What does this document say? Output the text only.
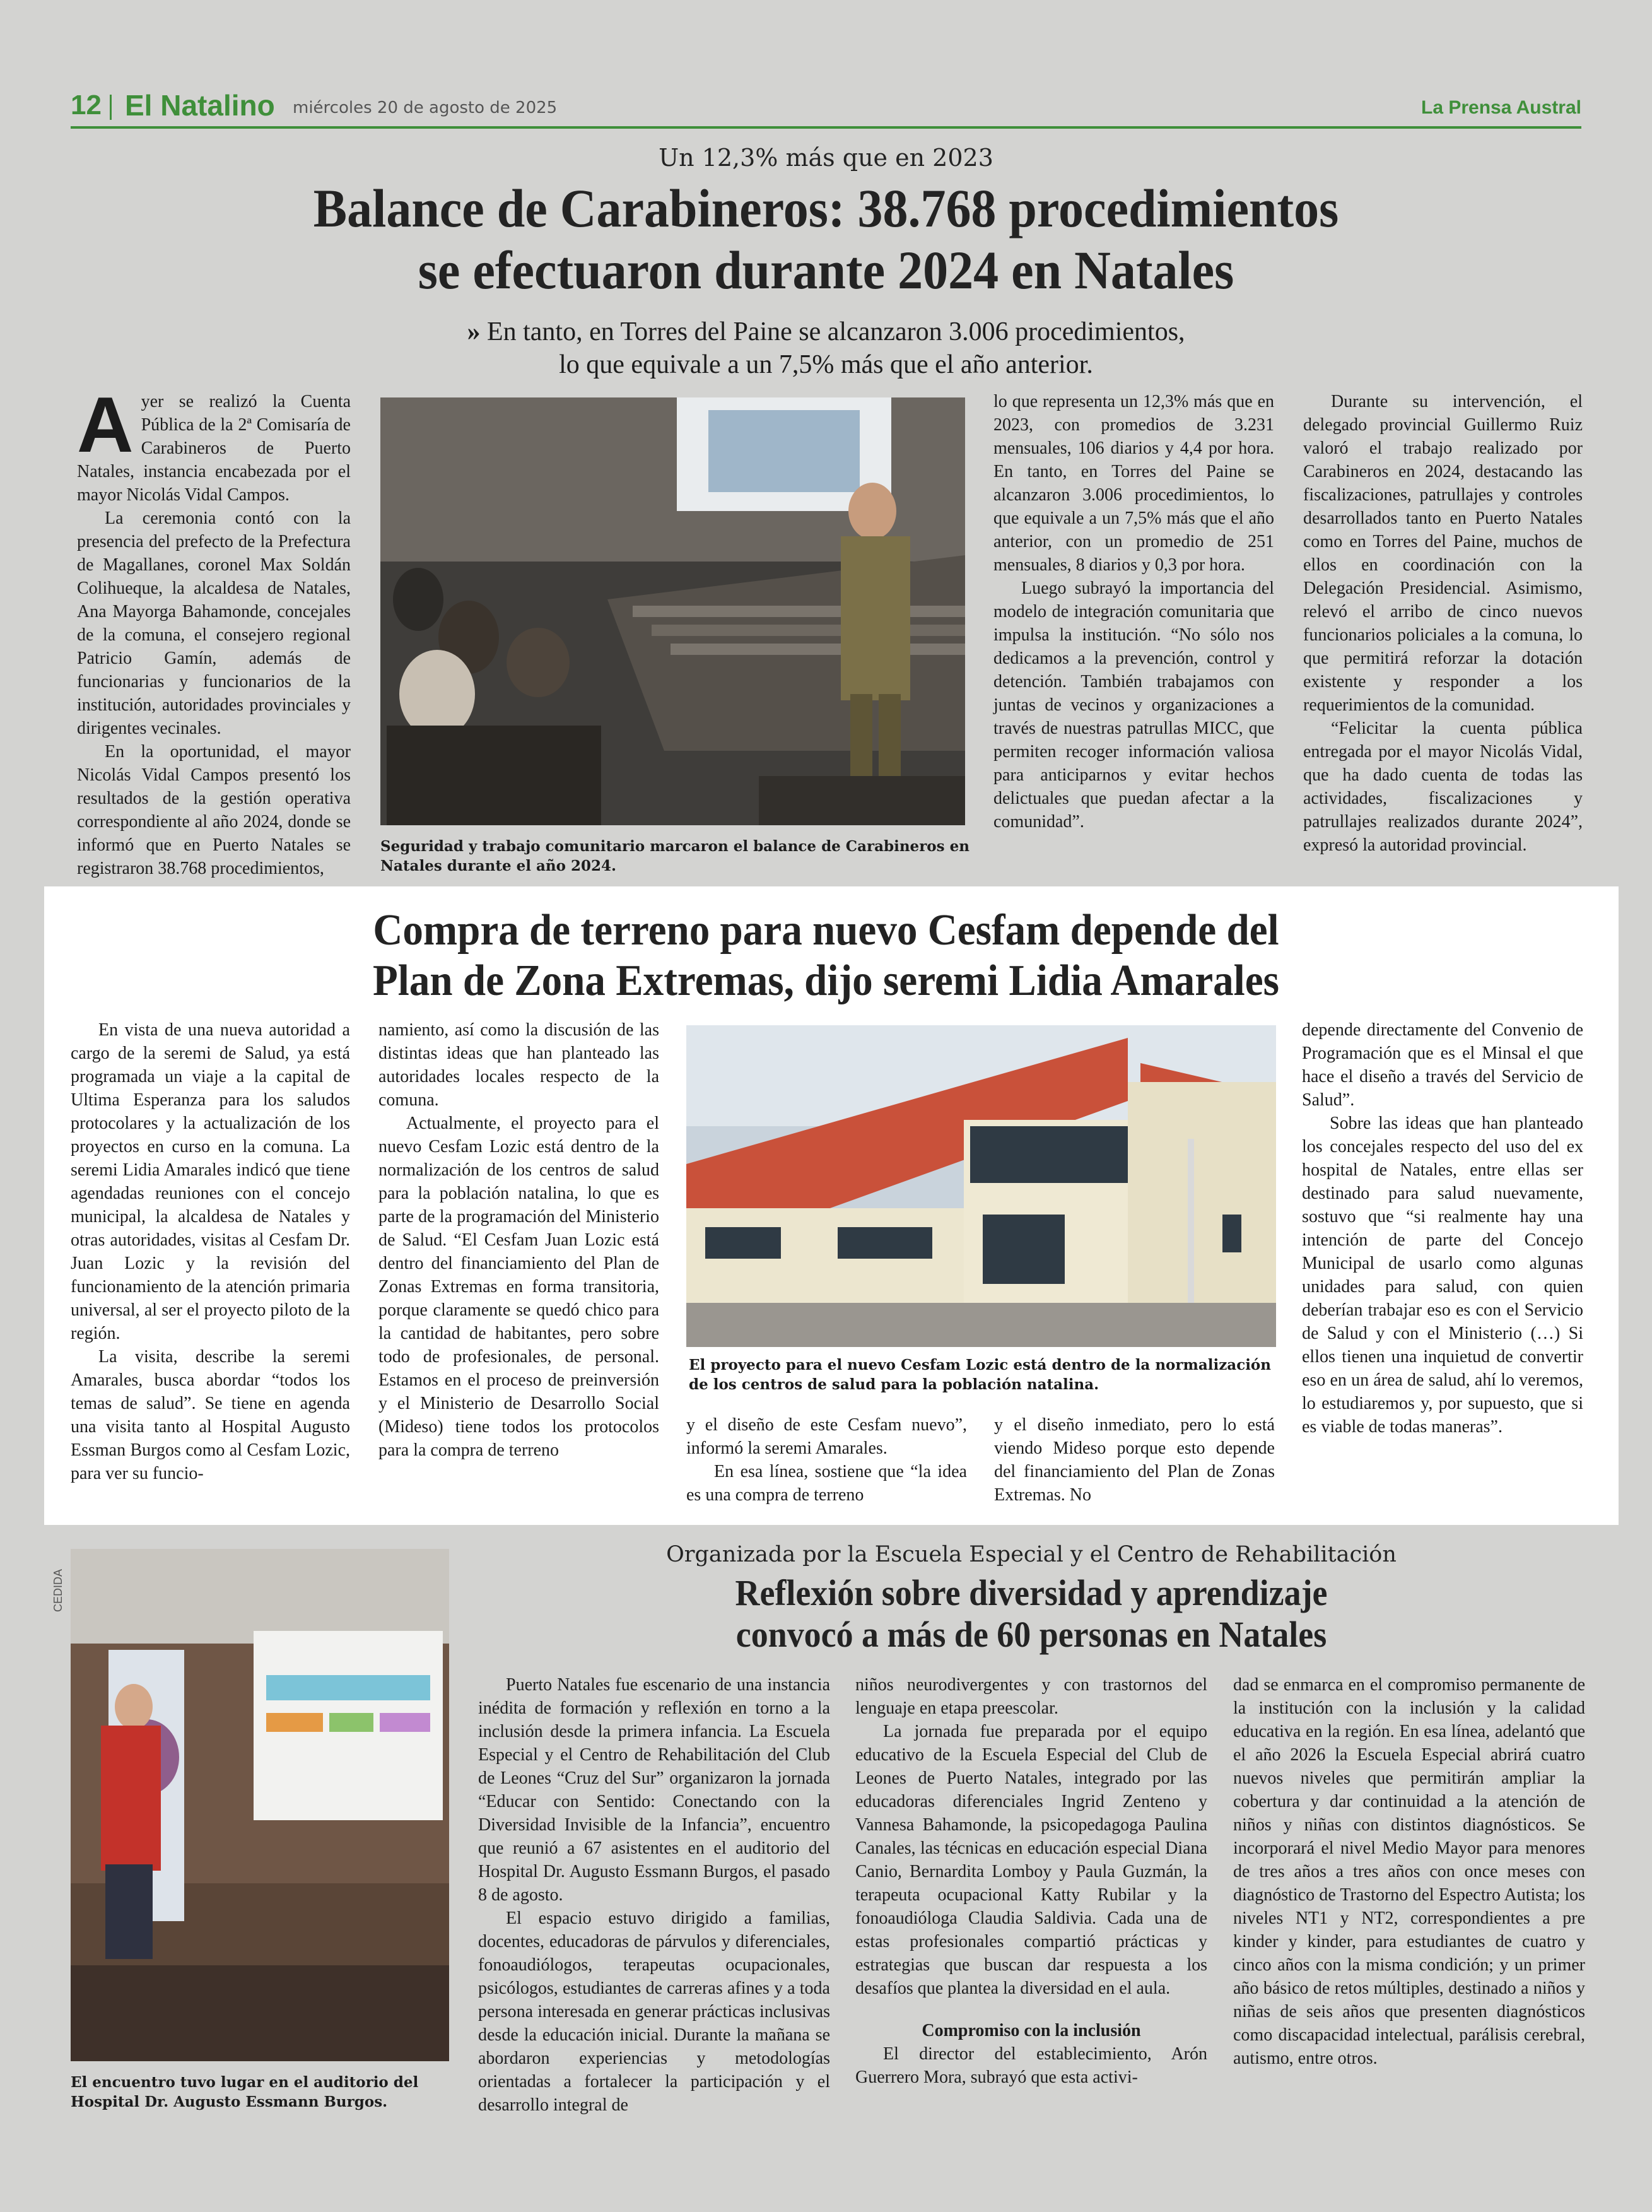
12 El Natalino miércoles 20 de agosto de 2025	La Prensa Austral
Un 12,3% más que en 2023
Balance de Carabineros: 38.768 procedimientos
se efectuaron durante 2024 en Natales
» En tanto, en Torres del Paine se alcanzaron 3.006 procedimientos,
lo que equivale a un 7,5% más que el año anterior.
A yer se realizó la Cuenta Pública de la 2ª Comisaría de Carabineros de Puerto Natales, instancia encabezada por el mayor Nicolás Vidal Campos.

La ceremonia contó con la presencia del prefecto de la Prefectura de Magallanes, coronel Max Soldán Colihueque, la alcaldesa de Natales, Ana Mayorga Bahamonde, concejales de la comuna, el consejero regional Patricio Gamín, además de funcionarias y funcionarios de la institución, autoridades provinciales y dirigentes vecinales.

En la oportunidad, el mayor Nicolás Vidal Campos presentó los resultados de la gestión operativa correspondiente al año 2024, donde se informó que en Puerto Natales se registraron 38.768 procedimientos,

Seguridad y trabajo comunitario marcaron el balance de Carabineros en Natales durante el año 2024.

lo que representa un 12,3% más que en 2023, con promedios de 3.231 mensuales, 106 diarios y 4,4 por hora. En tanto, en Torres del Paine se alcanzaron 3.006 procedimientos, lo que equivale a un 7,5% más que el año anterior, con un promedio de 251 mensuales, 8 diarios y 0,3 por hora.

Luego subrayó la importancia del modelo de integración comunitaria que impulsa la institución. “No sólo nos dedicamos a la prevención, control y detención. También trabajamos con juntas de vecinos y organizaciones a través de nuestras patrullas MICC, que permiten recoger información valiosa para anticiparnos y evitar hechos delictuales que puedan afectar a la comunidad”.

Durante su intervención, el delegado provincial Guillermo Ruiz valoró el trabajo realizado por Carabineros en 2024, destacando las fiscalizaciones, patrullajes y controles desarrollados tanto en Puerto Natales como en Torres del Paine, muchos de ellos en coordinación con la Delegación Presidencial. Asimismo, relevó el arribo de cinco nuevos funcionarios policiales a la comuna, lo que permitirá reforzar la dotación existente y responder a los requerimientos de la comunidad.

“Felicitar la cuenta pública entregada por el mayor Nicolás Vidal, que ha dado cuenta de todas las actividades, fiscalizaciones y patrullajes realizados durante 2024”, expresó la autoridad provincial.

Compra de terreno para nuevo Cesfam depende del
Plan de Zona Extremas, dijo seremi Lidia Amarales

En vista de una nueva autoridad a cargo de la seremi de Salud, ya está programada un viaje a la capital de Ultima Esperanza para los saludos protocolares y la actualización de los proyectos en curso en la comuna. La seremi Lidia Amarales indicó que tiene agendadas reuniones con el concejo municipal, la alcaldesa de Natales y otras autoridades, visitas al Cesfam Dr. Juan Lozic y la revisión del funcionamiento de la atención primaria universal, al ser el proyecto piloto de la región.

La visita, describe la seremi Amarales, busca abordar “todos los temas de salud”. Se tiene en agenda una visita tanto al Hospital Augusto Essman Burgos como al Cesfam Lozic, para ver su funcio-

namiento, así como la discusión de las distintas ideas que han planteado las autoridades locales respecto de la comuna.

Actualmente, el proyecto para el nuevo Cesfam Lozic está dentro de la normalización de los centros de salud para la población natalina, lo que es parte de la programación del Ministerio de Salud. “El Cesfam Juan Lozic está dentro del financiamiento del Plan de Zonas Extremas en forma transitoria, porque claramente se quedó chico para la cantidad de habitantes, pero sobre todo de profesionales, de personal. Estamos en el proceso de preinversión y el Ministerio de Desarrollo Social (Mideso) tiene todos los protocolos para la compra de terreno

El proyecto para el nuevo Cesfam Lozic está dentro de la normalización de los centros de salud para la población natalina.

y el diseño de este Cesfam nuevo”, informó la seremi Amarales.

En esa línea, sostiene que “la idea es una compra de terreno

y el diseño inmediato, pero lo está viendo Mideso porque esto depende del financiamiento del Plan de Zonas Extremas. No

depende directamente del Convenio de Programación que es el Minsal el que hace el diseño a través del Servicio de Salud”.

Sobre las ideas que han planteado los concejales respecto del uso del ex hospital de Natales, entre ellas ser destinado para salud nuevamente, sostuvo que “si realmente hay una intención de parte del Concejo Municipal de usarlo como algunas unidades para salud, con quien deberían trabajar eso es con el Servicio de Salud y con el Ministerio (…) Si ellos tienen una inquietud de convertir eso en un área de salud, ahí lo veremos, lo estudiaremos y, por supuesto, que si es viable de todas maneras”.

CEDIDA
El encuentro tuvo lugar en el auditorio del Hospital Dr. Augusto Essmann Burgos.
Organizada por la Escuela Especial y el Centro de Rehabilitación
Reflexión sobre diversidad y aprendizaje
convocó a más de 60 personas en Natales

Puerto Natales fue escenario de una instancia inédita de formación y reflexión en torno a la inclusión desde la primera infancia. La Escuela Especial y el Centro de Rehabilitación del Club de Leones “Cruz del Sur” organizaron la jornada “Educar con Sentido: Conectando con la Diversidad Invisible de la Infancia”, encuentro que reunió a 67 asistentes en el auditorio del Hospital Dr. Augusto Essmann Burgos, el pasado 8 de agosto.

El espacio estuvo dirigido a familias, docentes, educadoras de párvulos y diferenciales, fonoaudiólogos, terapeutas ocupacionales, psicólogos, estudiantes de carreras afines y a toda persona interesada en generar prácticas inclusivas desde la educación inicial. Durante la mañana se abordaron experiencias y metodologías orientadas a fortalecer la participación y el desarrollo integral de

niños neurodivergentes y con trastornos del lenguaje en etapa preescolar.

La jornada fue preparada por el equipo educativo de la Escuela Especial del Club de Leones de Puerto Natales, integrado por las educadoras diferenciales Ingrid Zenteno y Vannesa Bahamonde, la psicopedagoga Paulina Canales, las técnicas en educación especial Diana Canio, Bernardita Lomboy y Paula Guzmán, la terapeuta ocupacional Katty Rubilar y la fonoaudióloga Claudia Saldivia. Cada una de estas profesionales compartió prácticas y estrategias que buscan dar respuesta a los desafíos que plantea la diversidad en el aula.

Compromiso con la inclusión

El director del establecimiento, Arón Guerrero Mora, subrayó que esta activi-

dad se enmarca en el compromiso permanente de la institución con la inclusión y la calidad educativa en la región. En esa línea, adelantó que el año 2026 la Escuela Especial abrirá cuatro nuevos niveles que permitirán ampliar la cobertura y dar continuidad a la atención de niños y niñas con distintos diagnósticos. Se incorporará el nivel Medio Mayor para menores de tres años a tres años con once meses con diagnóstico de Trastorno del Espectro Autista; los niveles NT1 y NT2, correspondientes a pre kinder y kinder, para estudiantes de cuatro y cinco años con la misma condición; y un primer año básico de retos múltiples, destinado a niños y niñas de seis años que presenten diagnósticos como discapacidad intelectual, parálisis cerebral, autismo, entre otros.
